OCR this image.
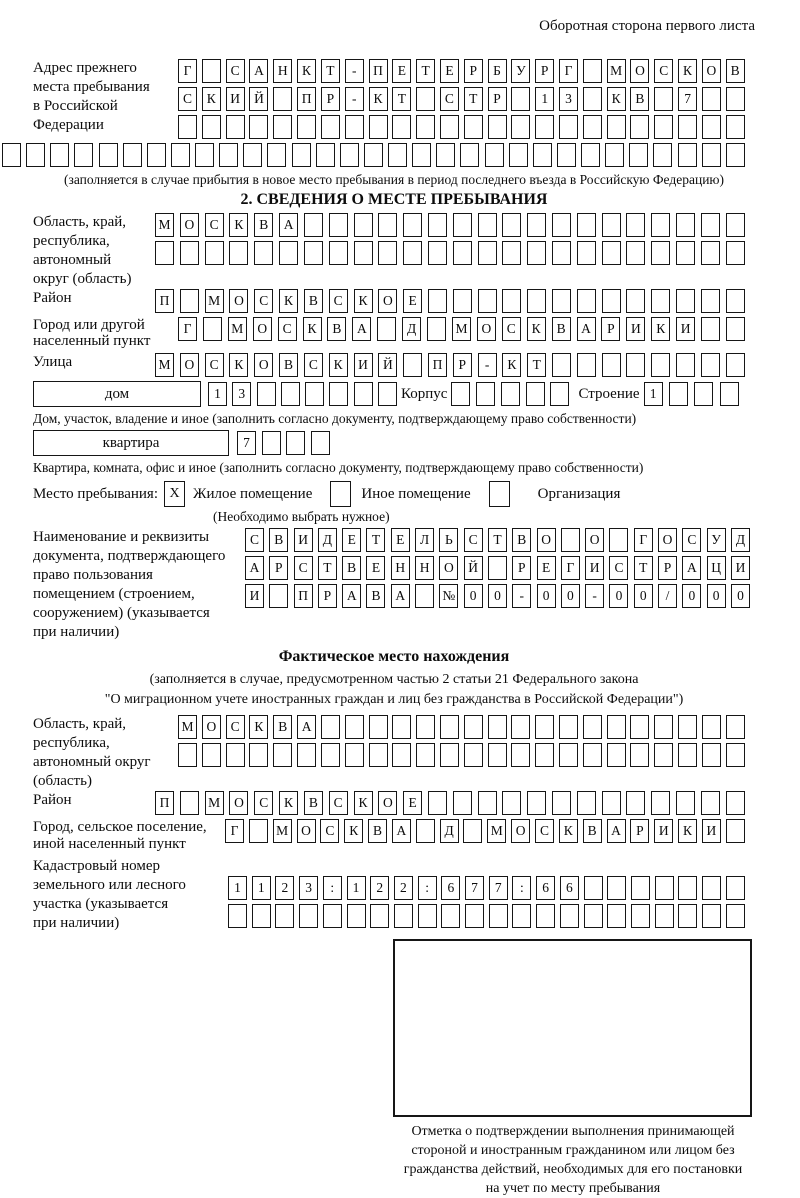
Оборотная сторона первого листа
Адрес прежнего
места пребывания
в Российской
Федерации
Г	С	А	Н	К	Т	-	П	Е	Т	Е	Р	Б	У	Р	Г	М О	С	К	О	В
С	К	И	Й	П	Р	-	К	Т	С	Т	Р	1	3	К	В	7
(заполняется в случае прибытия в новое место пребывания в период последнего въезда в Российскую Федерацию)
2. СВЕДЕНИЯ О МЕСТЕ ПРЕБЫВАНИЯ
Область, край,
республика,
автономный
округ (область)
М	О	С	К	В	А
Район	П	М	О	С	К	В	С	К	О	Е
Город или другой
населенный пункт
Г	М	О	С	К	В	А	Д	М	О	С	К	В	А	Р	И	К	И
Улица	М	О	С	К	О	В	С	К	И	Й	П	Р	-	К	Т
дом	1	3	Корпус	Строение 1
Дом, участок, владение и иное (заполнить согласно документу, подтверждающему право собственности)
квартира	7
Квартира, комната, офис и иное (заполнить согласно документу, подтверждающему право собственности)
Место пребывания: X Жилое помещение	Иное помещение	Организация
(Необходимо выбрать нужное)
Наименование и реквизиты
документа, подтверждающего
право пользования
помещением (строением,
сооружением) (указывается
при наличии)
С	В	И	Д	Е	Т	Е	Л	Ь	С	Т	В	О	О	Г	О	С	У	Д
А	Р	С	Т	В	Е	Н	Н	О	Й	Р	Е	Г	И	С	Т	Р	А	Ц	И
И	П	Р	А	В	А	№	0	0	-	0	0	-	0	0	/	0	0	0
Фактическое место нахождения
(заполняется в случае, предусмотренном частью 2 статьи 21 Федерального закона
"О миграционном учете иностранных граждан и лиц без гражданства в Российской Федерации")
Область, край,
республика,
автономный округ
(область)
М О	С	К	В	А
Район	П	М	О	С	К	В	С	К	О	Е
Город, сельское поселение,
иной населенный пункт
Г	М О	С	К	В	А	Д	М О	С	К	В	А	Р	И	К	И
Кадастровый номер
земельного или лесного
участка (указывается
при наличии)
1	1	2	3	:	1	2	2	:	6	7	7	:	6	6
Отметка о подтверждении выполнения принимающей
стороной и иностранным гражданином или лицом без
гражданства действий, необходимых для его постановки
на учет по месту пребывания
